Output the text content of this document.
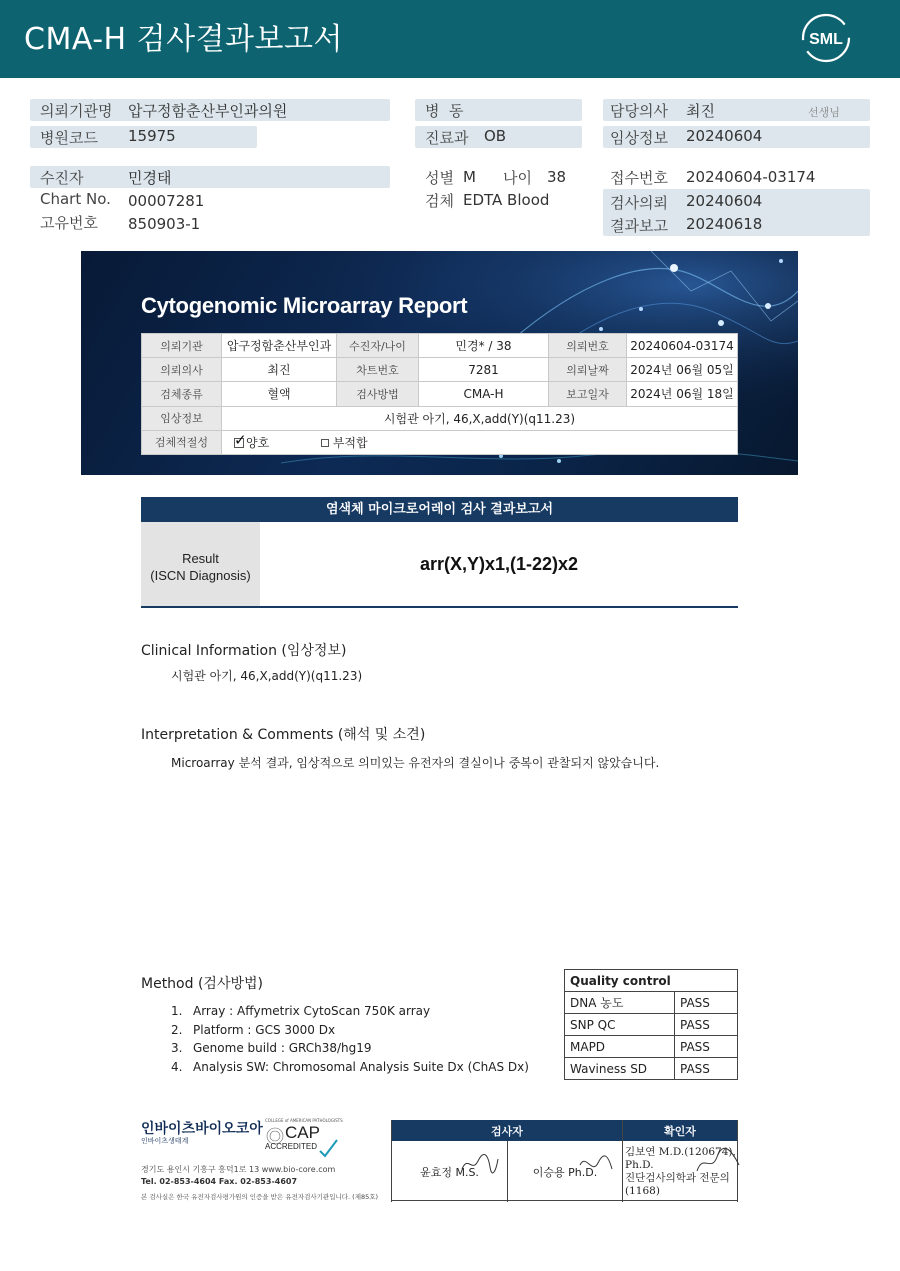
CMA-H 검사결과보고서	SML
의뢰기관명 압구정함춘산부인과의원
병원코드 15975
병  동
진료과 OB
담당의사 최진	선생님
임상정보 20240604
수진자	민경태
Chart No. 00007281
고유번호 850903-1
성별 M 나이 38
검체 EDTA Blood
접수번호 20240604-03174
검사의뢰 20240604
결과보고 20240618
Cytogenomic Microarray Report
의뢰기관	압구정함춘산부인과	수진자/나이	민경* / 38	의뢰번호	20240604-03174
의뢰의사	최진	차트번호	7281	의뢰날짜	2024년 06월 05일
검체종류	혈액	검사방법	CMA-H	보고일자	2024년 06월 18일
임상정보	시험관 아기, 46,X,add(Y)(q11.23)				
검체적절성	✓ 양호 부적합				
염색체 마이크로어레이 검사 결과보고서
Result
(ISCN Diagnosis)
arr(X,Y)x1,(1-22)x2
Clinical Information (임상정보)
시험관 아기, 46,X,add(Y)(q11.23)
Interpretation & Comments (해석 및 소견)
Microarray 분석 결과, 임상적으로 의미있는 유전자의 결실이나 중복이 관찰되지 않았습니다.
Method (검사방법)
1. Array : Affymetrix CytoScan 750K array
2. Platform : GCS 3000 Dx
3. Genome build : GRCh38/hg19
4. Analysis SW: Chromosomal Analysis Suite Dx (ChAS Dx)
Quality control	
DNA 농도	PASS
SNP QC	PASS
MAPD	PASS
Waviness SD	PASS
인바이츠바이오코아
인바이츠생태계
COLLEGE of AMERICAN PATHOLOGISTS
CAP
ACCREDITED
경기도 용인시 기흥구 흥덕1로 13 www.bio-core.com
Tel. 02-853-4604 Fax. 02-853-4607
본 검사실은 한국 유전자검사평가원의 인증을 받은 유전자검사기관입니다. (제85호)
검사자		확인자
윤효정 M.S.	이승용 Ph.D.	김보연 M.D.(120674), Ph.D.
진단검사의학과 전문의(1168)
